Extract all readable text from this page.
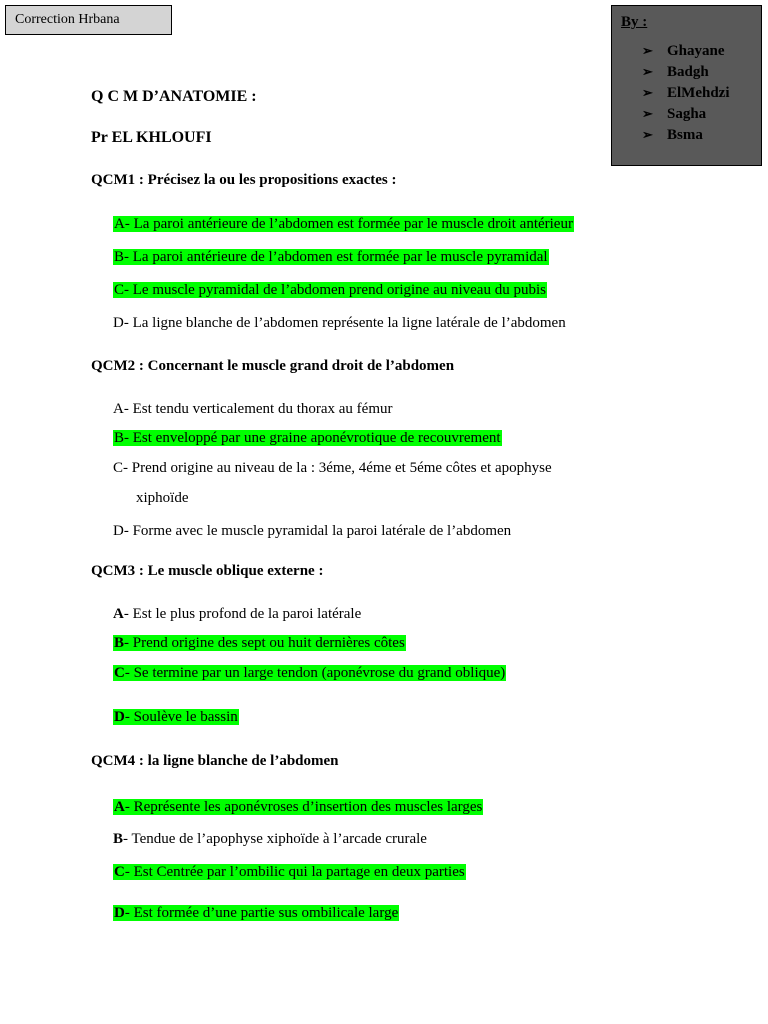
Correction Hrbana	By :
➢ Ghayane
➢ Badgh
➢ ElMehdzi
➢ Sagha
➢ Bsma
Q C M D’ANATOMIE :
Pr EL KHLOUFI
QCM1 : Précisez la ou les propositions exactes :
A- La paroi antérieure de l’abdomen est formée par le muscle droit antérieur
B- La paroi antérieure de l’abdomen est formée par le muscle pyramidal
C- Le muscle pyramidal de l’abdomen prend origine au niveau du pubis
D- La ligne blanche de l’abdomen représente la ligne latérale de l’abdomen
QCM2 : Concernant le muscle grand droit de l’abdomen
A- Est tendu verticalement du thorax au fémur
B- Est enveloppé par une graine aponévrotique de recouvrement
C- Prend origine au niveau de la : 3éme, 4éme et 5éme côtes et apophyse
xiphoïde
D- Forme avec le muscle pyramidal la paroi latérale de l’abdomen
QCM3 : Le muscle oblique externe :
A- Est le plus profond de la paroi latérale
B- Prend origine des sept ou huit dernières côtes
C- Se termine par un large tendon (aponévrose du grand oblique)
D- Soulève le bassin
QCM4 : la ligne blanche de l’abdomen
A- Représente les aponévroses d’insertion des muscles larges
B- Tendue de l’apophyse xiphoïde à l’arcade crurale
C- Est Centrée par l’ombilic qui la partage en deux parties
D- Est formée d’une partie sus ombilicale large
